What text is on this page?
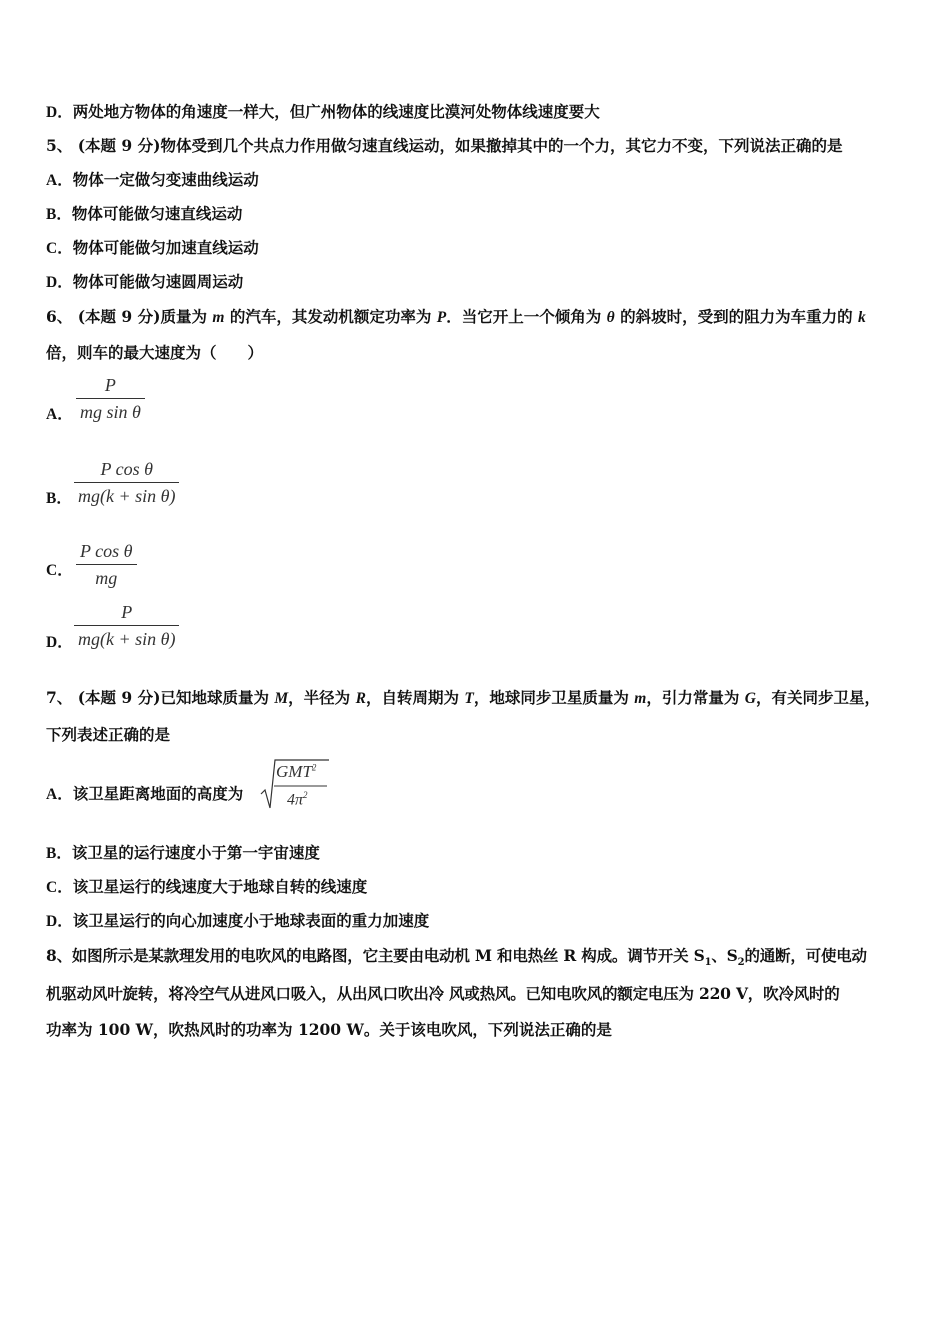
D．两处地方物体的角速度一样大，但广州物体的线速度比漠河处物体线速度要大
5、 (本题 9 分)物体受到几个共点力作用做匀速直线运动，如果撤掉其中的一个力，其它力不变，下列说法正确的是
A．物体一定做匀变速曲线运动
B．物体可能做匀速直线运动
C．物体可能做匀加速直线运动
D．物体可能做匀速圆周运动
6、 (本题 9 分)质量为 m 的汽车，其发动机额定功率为 P．当它开上一个倾角为 θ 的斜坡时，受到的阻力为车重力的 k
倍，则车的最大速度为（　　）
A．
P
mg sin θ
B．
P cos θ
mg(k + sin θ)
C．
P cos θ
mg
D．
P
mg(k + sin θ)
7、 (本题 9 分)已知地球质量为 M，半径为 R，自转周期为 T，地球同步卫星质量为 m，引力常量为 G，有关同步卫星，
下列表述正确的是
A．该卫星距离地面的高度为
GMT$^2$
$4\pi^2$
B．该卫星的运行速度小于第一宇宙速度
C．该卫星运行的线速度大于地球自转的线速度
D．该卫星运行的向心加速度小于地球表面的重力加速度
8、如图所示是某款理发用的电吹风的电路图，它主要由电动机 M 和电热丝 R 构成。调节开关 $S_1$、$S_2$的通断，可使电动
机驱动风叶旋转，将冷空气从进风口吸入，从出风口吹出冷 风或热风。已知电吹风的额定电压为 220 V，吹冷风时的
功率为 100 W，吹热风时的功率为 1200 W。关于该电吹风，下列说法正确的是
